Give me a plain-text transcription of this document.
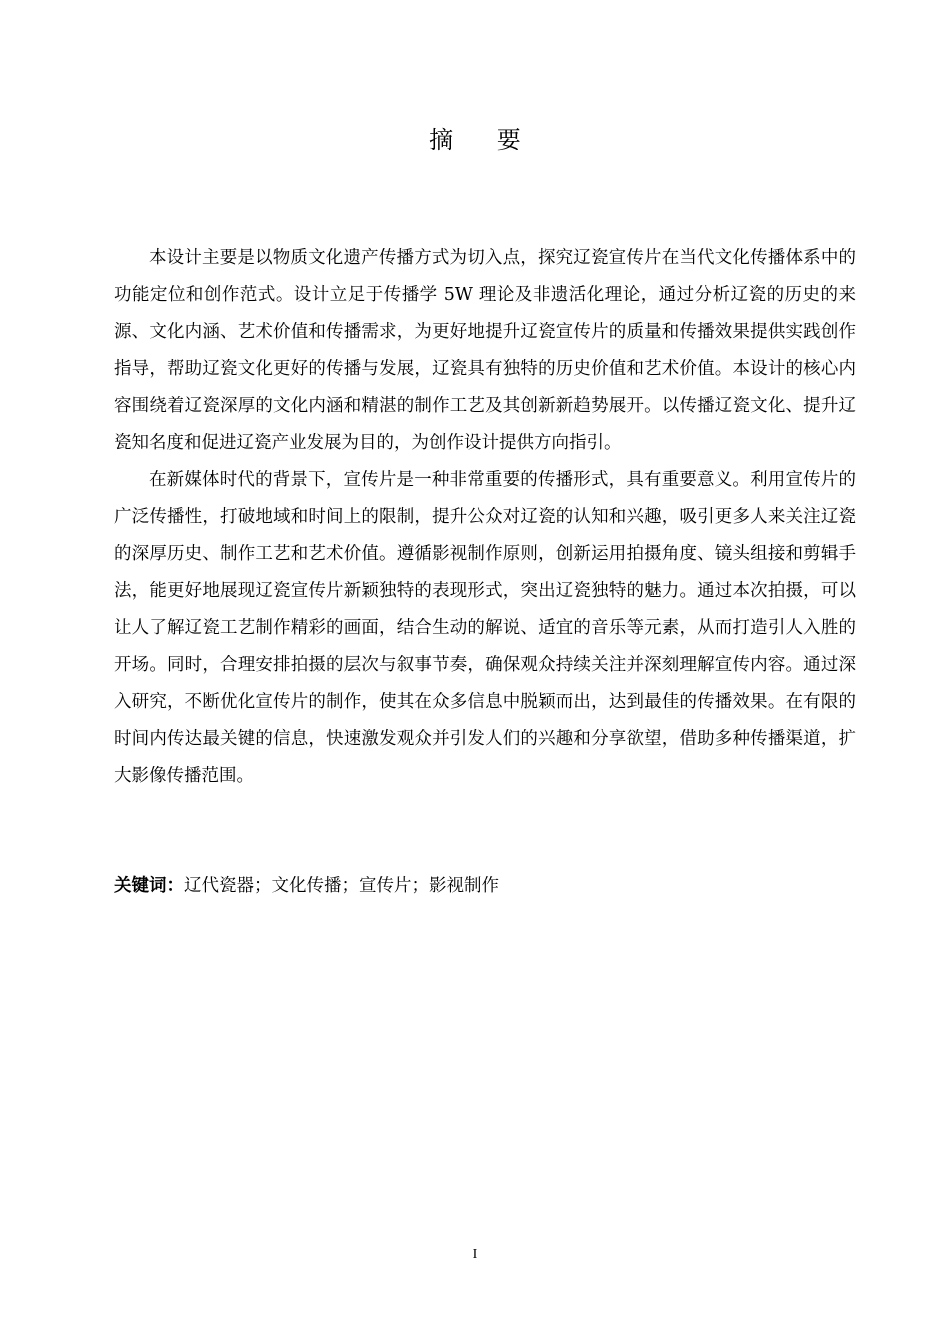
摘 要

本设计主要是以物质文化遗产传播方式为切入点，探究辽瓷宣传片在当代文化传播体系中的功能定位和创作范式。设计立足于传播学 5W 理论及非遗活化理论，通过分析辽瓷的历史的来源、文化内涵、艺术价值和传播需求，为更好地提升辽瓷宣传片的质量和传播效果提供实践创作指导，帮助辽瓷文化更好的传播与发展，辽瓷具有独特的历史价值和艺术价值。本设计的核心内容围绕着辽瓷深厚的文化内涵和精湛的制作工艺及其创新新趋势展开。以传播辽瓷文化、提升辽瓷知名度和促进辽瓷产业发展为目的，为创作设计提供方向指引。

在新媒体时代的背景下，宣传片是一种非常重要的传播形式，具有重要意义。利用宣传片的广泛传播性，打破地域和时间上的限制，提升公众对辽瓷的认知和兴趣，吸引更多人来关注辽瓷的深厚历史、制作工艺和艺术价值。遵循影视制作原则，创新运用拍摄角度、镜头组接和剪辑手法，能更好地展现辽瓷宣传片新颖独特的表现形式，突出辽瓷独特的魅力。通过本次拍摄，可以让人了解辽瓷工艺制作精彩的画面，结合生动的解说、适宜的音乐等元素，从而打造引人入胜的开场。同时，合理安排拍摄的层次与叙事节奏，确保观众持续关注并深刻理解宣传内容。通过深入研究，不断优化宣传片的制作，使其在众多信息中脱颖而出，达到最佳的传播效果。在有限的时间内传达最关键的信息，快速激发观众并引发人们的兴趣和分享欲望，借助多种传播渠道，扩大影像传播范围。

关键词：辽代瓷器；文化传播；宣传片；影视制作
I
